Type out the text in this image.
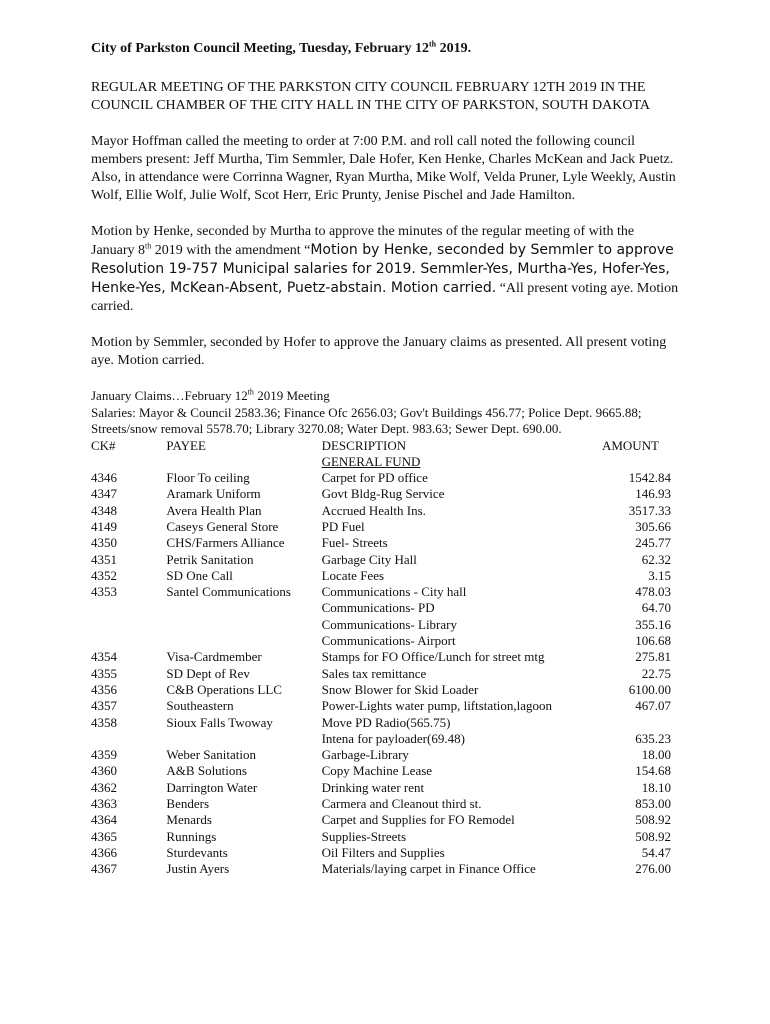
City of Parkston Council Meeting, Tuesday, February 12th 2019.

REGULAR MEETING OF THE PARKSTON CITY COUNCIL FEBRUARY 12TH 2019 IN THE COUNCIL CHAMBER OF THE CITY HALL IN THE CITY OF PARKSTON, SOUTH DAKOTA

Mayor Hoffman called the meeting to order at 7:00 P.M. and roll call noted the following council members present: Jeff Murtha, Tim Semmler, Dale Hofer, Ken Henke, Charles McKean and Jack Puetz. Also, in attendance were Corrinna Wagner, Ryan Murtha, Mike Wolf, Velda Pruner, Lyle Weekly, Austin Wolf, Ellie Wolf, Julie Wolf, Scot Herr, Eric Prunty, Jenise Pischel and Jade Hamilton.

Motion by Henke, seconded by Murtha to approve the minutes of the regular meeting of with the January 8th 2019 with the amendment “Motion by Henke, seconded by Semmler to approve Resolution 19-757 Municipal salaries for 2019. Semmler-Yes, Murtha-Yes, Hofer-Yes, Henke-Yes, McKean-Absent, Puetz-abstain. Motion carried. “All present voting aye. Motion carried.

Motion by Semmler, seconded by Hofer to approve the January claims as presented. All present voting aye. Motion carried.

January Claims…February 12th 2019 Meeting
Salaries: Mayor & Council 2583.36; Finance Ofc 2656.03; Gov't Buildings 456.77; Police Dept. 9665.88; Streets/snow removal 5578.70; Library 3270.08; Water Dept. 983.63; Sewer Dept. 690.00.
CK#	PAYEE	DESCRIPTION	AMOUNT
		GENERAL FUND	
4346	Floor To ceiling	Carpet for PD office	1542.84
4347	Aramark Uniform	Govt Bldg-Rug Service	146.93
4348	Avera Health Plan	Accrued Health Ins.	3517.33
4149	Caseys General Store	PD Fuel	305.66
4350	CHS/Farmers Alliance	Fuel- Streets	245.77
4351	Petrik Sanitation	Garbage City Hall	62.32
4352	SD One Call	Locate Fees	3.15
4353	Santel Communications	Communications - City hall	478.03
		Communications- PD	64.70
		Communications- Library	355.16
		Communications- Airport	106.68
4354	Visa-Cardmember	Stamps for FO Office/Lunch for street mtg	275.81
4355	SD Dept of Rev	Sales tax remittance	22.75
4356	C&B Operations LLC	Snow Blower for Skid Loader	6100.00
4357	Southeastern	Power-Lights water pump, liftstation,lagoon	467.07
4358	Sioux Falls Twoway	Move PD Radio(565.75)	
		Intena for payloader(69.48)	635.23
4359	Weber Sanitation	Garbage-Library	18.00
4360	A&B Solutions	Copy Machine Lease	154.68
4362	Darrington Water	Drinking water rent	18.10
4363	Benders	Carmera and Cleanout third st.	853.00
4364	Menards	Carpet and Supplies for FO Remodel	508.92
4365	Runnings	Supplies-Streets	508.92
4366	Sturdevants	Oil Filters and Supplies	54.47
4367	Justin Ayers	Materials/laying carpet in Finance Office	276.00
